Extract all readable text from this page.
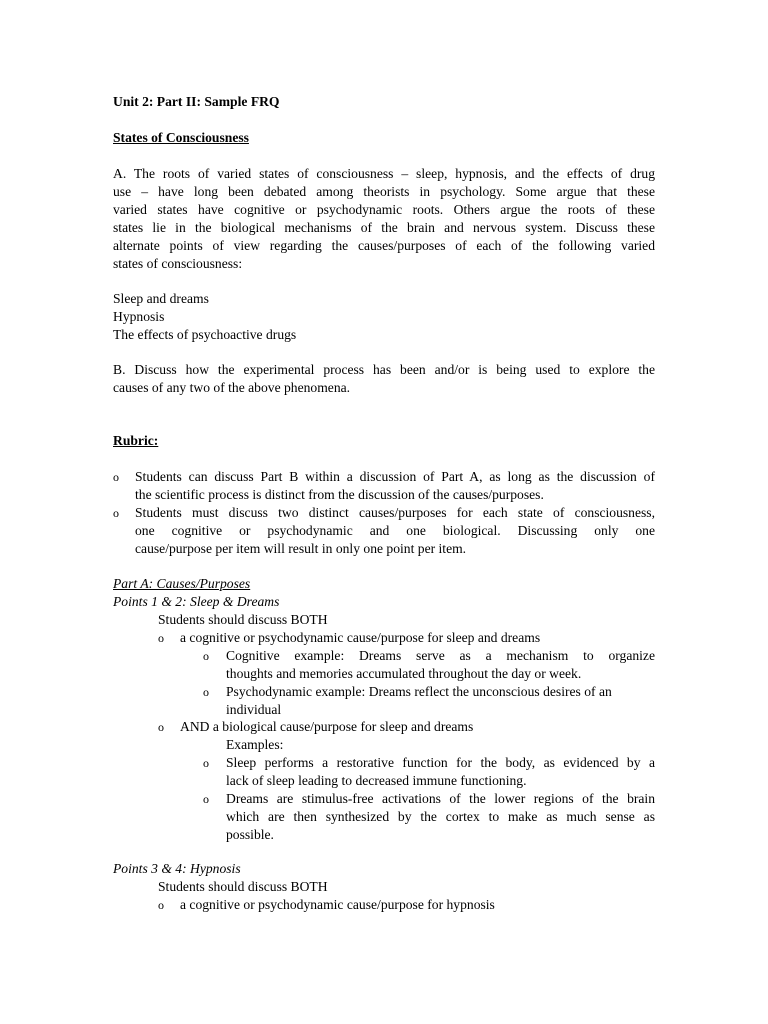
Unit 2: Part II: Sample FRQ
States of Consciousness
A. The roots of varied states of consciousness – sleep, hypnosis, and the effects of drug
use – have long been debated among theorists in psychology. Some argue that these
varied states have cognitive or psychodynamic roots. Others argue the roots of these
states lie in the biological mechanisms of the brain and nervous system. Discuss these
alternate points of view regarding the causes/purposes of each of the following varied
states of consciousness:
Sleep and dreams
Hypnosis
The effects of psychoactive drugs
B. Discuss how the experimental process has been and/or is being used to explore the
causes of any two of the above phenomena.
Rubric:
o Students can discuss Part B within a discussion of Part A, as long as the discussion of
the scientific process is distinct from the discussion of the causes/purposes.
o Students must discuss two distinct causes/purposes for each state of consciousness,
one cognitive or psychodynamic and one biological. Discussing only one
cause/purpose per item will result in only one point per item.
Part A: Causes/Purposes
Points 1 & 2: Sleep & Dreams
Students should discuss BOTH
o a cognitive or psychodynamic cause/purpose for sleep and dreams
o Cognitive example: Dreams serve as a mechanism to organize
thoughts and memories accumulated throughout the day or week.
o Psychodynamic example: Dreams reflect the unconscious desires of an
individual
o AND a biological cause/purpose for sleep and dreams
Examples:
o Sleep performs a restorative function for the body, as evidenced by a
lack of sleep leading to decreased immune functioning.
o Dreams are stimulus-free activations of the lower regions of the brain
which are then synthesized by the cortex to make as much sense as
possible.
Points 3 & 4: Hypnosis
Students should discuss BOTH
o a cognitive or psychodynamic cause/purpose for hypnosis
